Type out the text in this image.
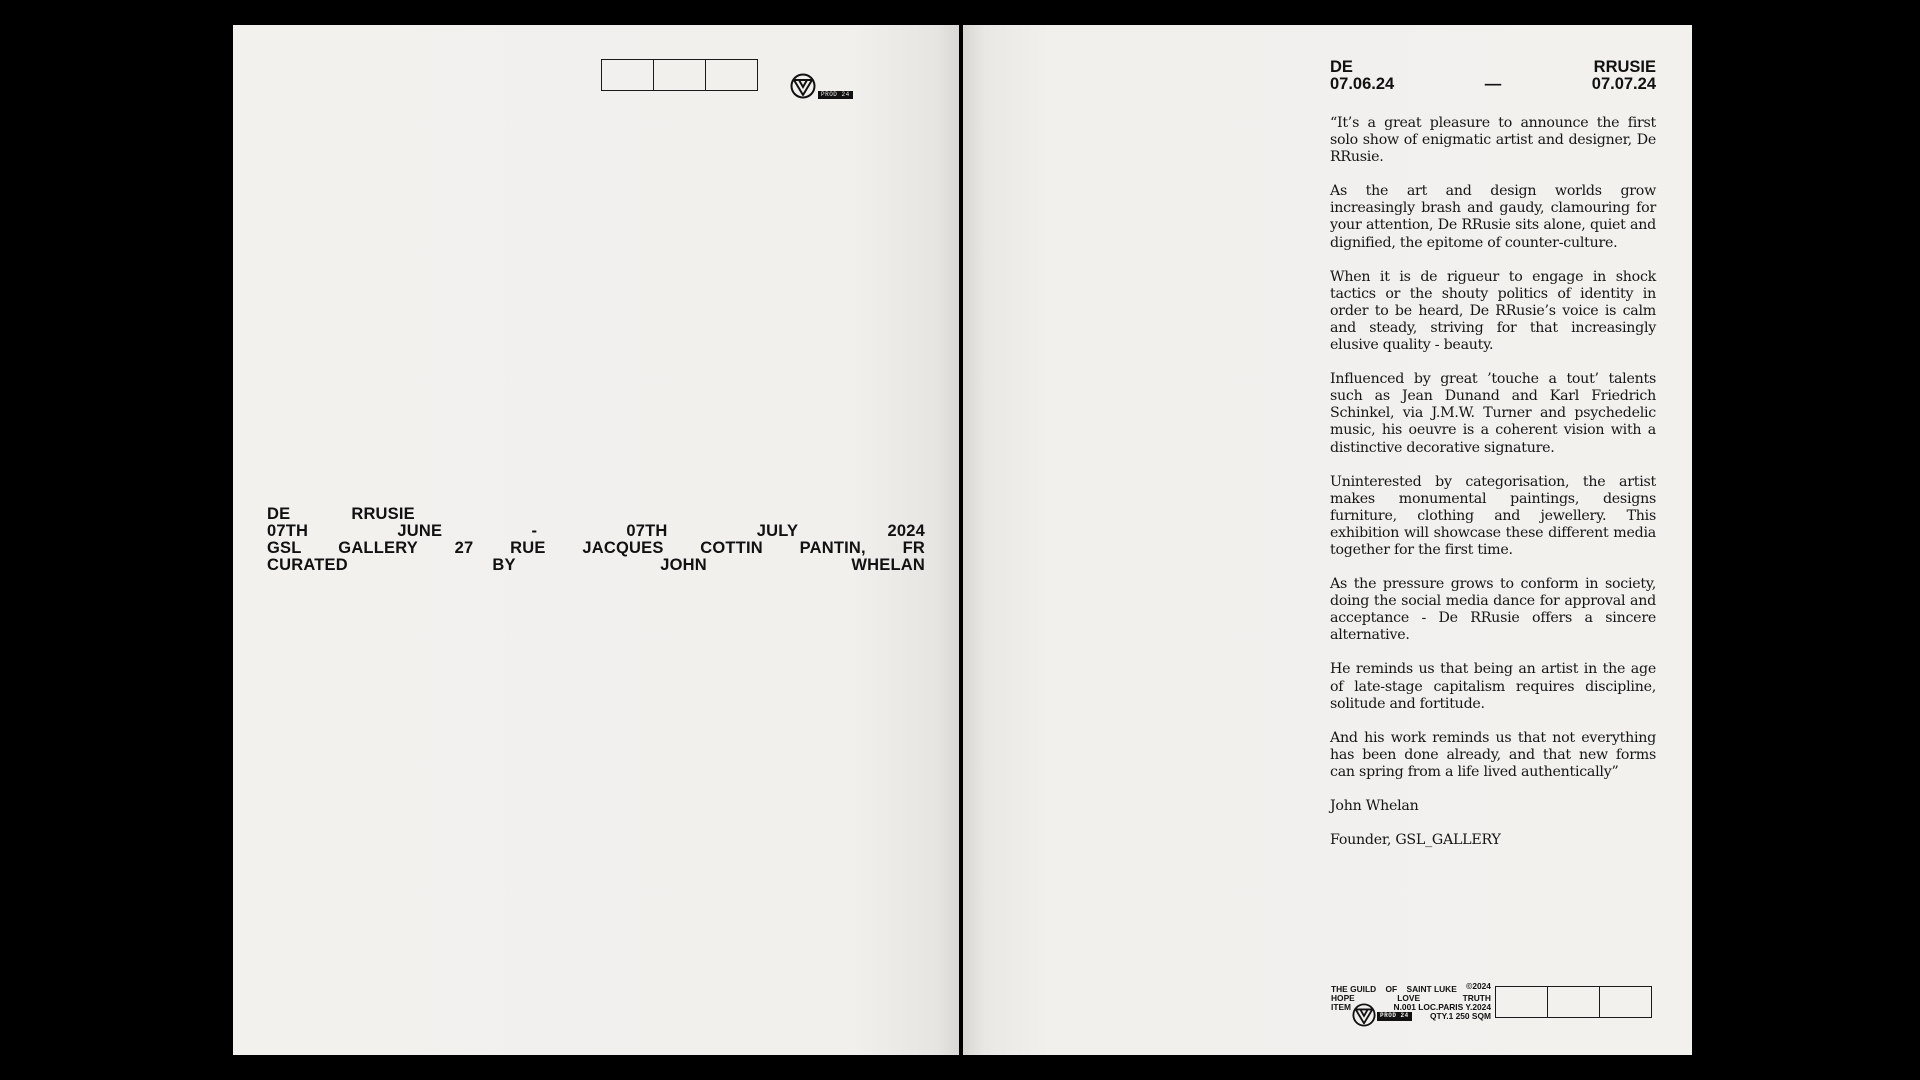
PROD 24
DE	RRUSIE
07TH	JUNE	-	07TH	JULY	2024
GSL GALLERY 27 RUE JACQUES COTTIN PANTIN, FR
CURATED	BY	JOHN	WHELAN
DE	RRUSIE
07.06.24	—	07.07.24

“It’s a great pleasure to announce the first solo show of enigmatic artist and designer, De RRusie.

As the art and design worlds grow increasingly brash and gaudy, clamouring for your attention, De RRusie sits alone, quiet and dignified, the epitome of counter-culture.

When it is de rigueur to engage in shock tactics or the shouty politics of identity in order to be heard, De RRusie’s voice is calm and steady, striving for that increasingly elusive quality - beauty.

Influenced by great ’touche a tout’ talents such as Jean Dunand and Karl Friedrich Schinkel, via J.M.W. Turner and psychedelic music, his oeuvre is a coherent vision with a distinctive decorative signature.

Uninterested by categorisation, the artist makes monumental paintings, designs furniture, clothing and jewellery. This exhibition will showcase these different media together for the first time.

As the pressure grows to conform in society, doing the social media dance for approval and acceptance - De RRusie offers a sincere alternative.

He reminds us that being an artist in the age of late-stage capitalism requires discipline, solitude and fortitude.

And his work reminds us that not everything has been done already, and that new forms can spring from a life lived authentically”

John Whelan

Founder, GSL_GALLERY

THE GUILD OF SAINT LUKE ©2024
HOPE	LOVE	TRUTH
ITEM	N.001 LOC.PARIS Y.2024
PROD 24	QTY.1 250 SQM
